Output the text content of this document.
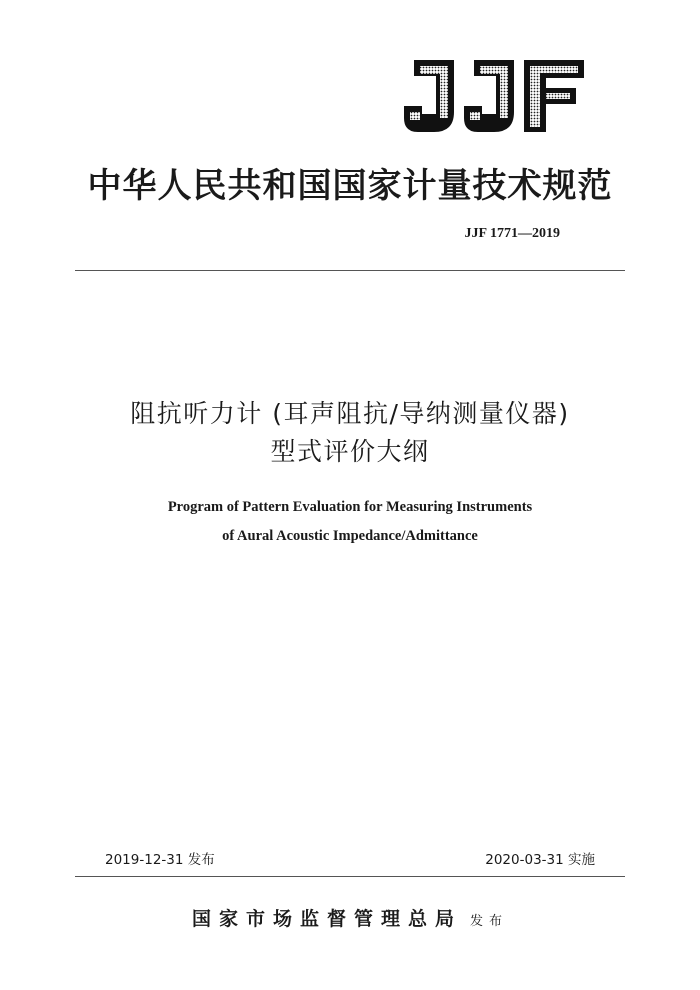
中华人民共和国国家计量技术规范
JJF 1771—2019
阻抗听力计 (耳声阻抗/导纳测量仪器)
型式评价大纲
Program of Pattern Evaluation for Measuring Instruments
of Aural Acoustic Impedance/Admittance
2019-12-31 发布	2020-03-31 实施
国家市场监督管理总局 发布
